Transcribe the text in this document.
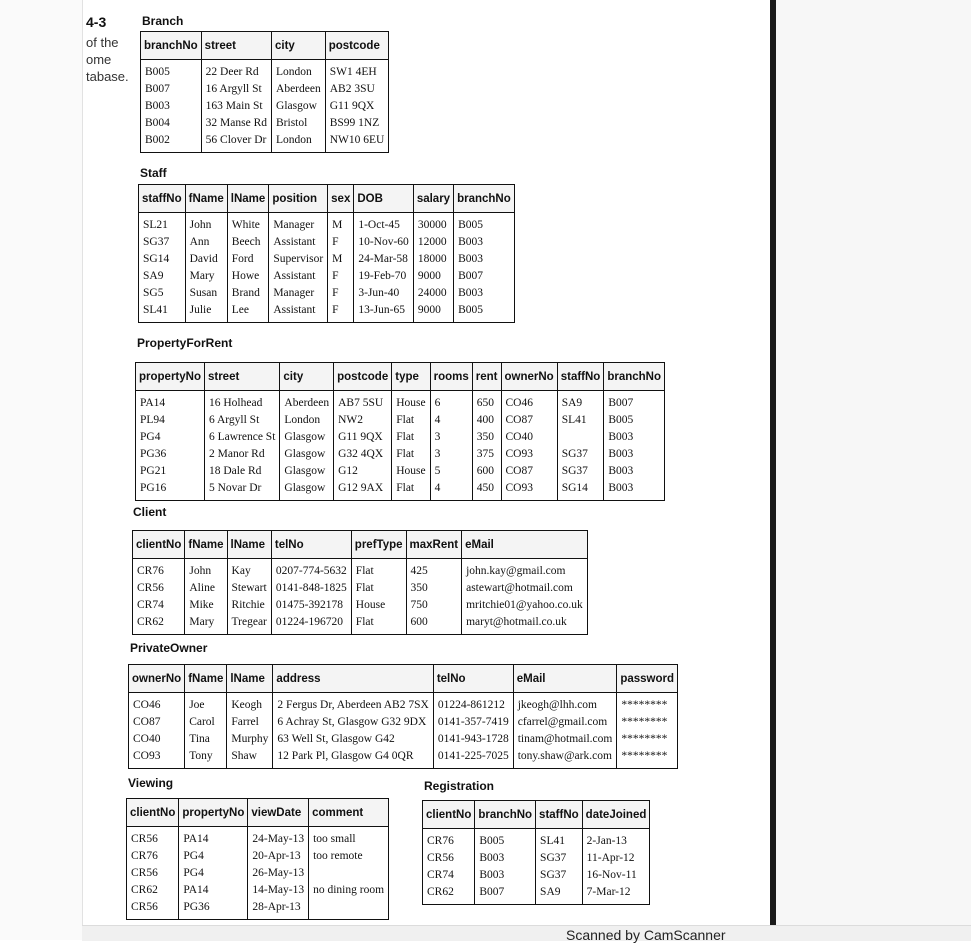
Scanned by CamScanner
4-3
of the
ome
tabase.
Branch
branchNo	street	city	postcode
B005	22 Deer Rd	London	SW1 4EH
B007	16 Argyll St	Aberdeen	AB2 3SU
B003	163 Main St	Glasgow	G11 9QX
B004	32 Manse Rd	Bristol	BS99 1NZ
B002	56 Clover Dr	London	NW10 6EU
Staff
staffNo	fName	lName	position	sex	DOB	salary	branchNo
SL21	John	White	Manager	M	1-Oct-45	30000	B005
SG37	Ann	Beech	Assistant	F	10-Nov-60	12000	B003
SG14	David	Ford	Supervisor	M	24-Mar-58	18000	B003
SA9	Mary	Howe	Assistant	F	19-Feb-70	9000	B007
SG5	Susan	Brand	Manager	F	3-Jun-40	24000	B003
SL41	Julie	Lee	Assistant	F	13-Jun-65	9000	B005
PropertyForRent
propertyNo	street	city	postcode	type	rooms	rent	ownerNo	staffNo	branchNo
PA14	16 Holhead	Aberdeen	AB7 5SU	House	6	650	CO46	SA9	B007
PL94	6 Argyll St	London	NW2	Flat	4	400	CO87	SL41	B005
PG4	6 Lawrence St	Glasgow	G11 9QX	Flat	3	350	CO40		B003
PG36	2 Manor Rd	Glasgow	G32 4QX	Flat	3	375	CO93	SG37	B003
PG21	18 Dale Rd	Glasgow	G12	House	5	600	CO87	SG37	B003
PG16	5 Novar Dr	Glasgow	G12 9AX	Flat	4	450	CO93	SG14	B003
Client
clientNo	fName	lName	telNo	prefType	maxRent	eMail
CR76	John	Kay	0207-774-5632	Flat	425	john.kay@gmail.com
CR56	Aline	Stewart	0141-848-1825	Flat	350	astewart@hotmail.com
CR74	Mike	Ritchie	01475-392178	House	750	mritchie01@yahoo.co.uk
CR62	Mary	Tregear	01224-196720	Flat	600	maryt@hotmail.co.uk
PrivateOwner
ownerNo	fName	lName	address	telNo	eMail	password
CO46	Joe	Keogh	2 Fergus Dr, Aberdeen AB2 7SX	01224-861212	jkeogh@lhh.com	********
CO87	Carol	Farrel	6 Achray St, Glasgow G32 9DX	0141-357-7419	cfarrel@gmail.com	********
CO40	Tina	Murphy	63 Well St, Glasgow G42	0141-943-1728	tinam@hotmail.com	********
CO93	Tony	Shaw	12 Park Pl, Glasgow G4 0QR	0141-225-7025	tony.shaw@ark.com	********
Viewing
clientNo	propertyNo	viewDate	comment
CR56	PA14	24-May-13	too small
CR76	PG4	20-Apr-13	too remote
CR56	PG4	26-May-13	
CR62	PA14	14-May-13	no dining room
CR56	PG36	28-Apr-13	
Registration
clientNo	branchNo	staffNo	dateJoined
CR76	B005	SL41	2-Jan-13
CR56	B003	SG37	11-Apr-12
CR74	B003	SG37	16-Nov-11
CR62	B007	SA9	7-Mar-12
